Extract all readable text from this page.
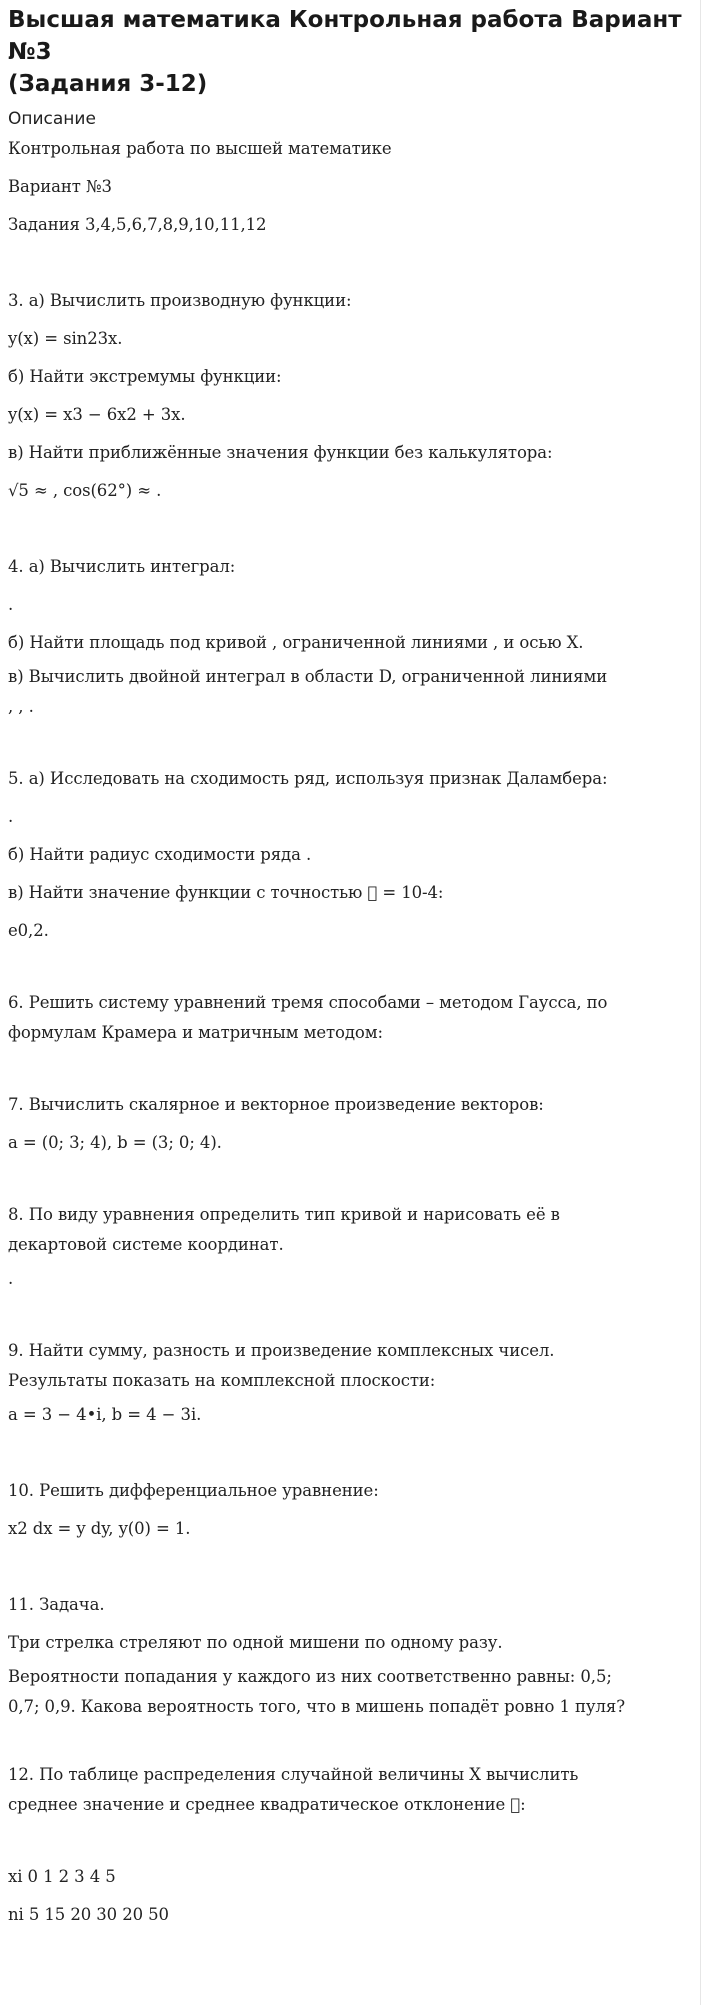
Высшая математика Контрольная работа Вариант №3
(Задания 3-12)
Описание
Контрольная работа по высшей математике
Вариант №3
Задания 3,4,5,6,7,8,9,10,11,12
3. а) Вычислить производную функции:
y(x) = sin23x.
б) Найти экстремумы функции:
y(x) = x3 − 6x2 + 3x.
в) Найти приближённые значения функции без калькулятора:
√5 ≈ , cos(62°) ≈ .
4. а) Вычислить интеграл:
.
б) Найти площадь под кривой , ограниченной линиями , и осью X.
в) Вычислить двойной интеграл в области D, ограниченной линиями
, , .
5. а) Исследовать на сходимость ряд, используя признак Даламбера:
.
б) Найти радиус сходимости ряда .
в) Найти значение функции с точностью   = 10-4:
e0,2.
6. Решить систему уравнений тремя способами – методом Гаусса, по
формулам Крамера и матричным методом:
7. Вычислить скалярное и векторное произведение векторов:
a = (0; 3; 4), b = (3; 0; 4).
8. По виду уравнения определить тип кривой и нарисовать её в
декартовой системе координат.
.
9. Найти сумму, разность и произведение комплексных чисел.
Результаты показать на комплексной плоскости:
a = 3 − 4•i, b = 4 − 3i.
10. Решить дифференциальное уравнение:
x2 dx = y dy, y(0) = 1.
11. Задача.
Три стрелка стреляют по одной мишени по одному разу.
Вероятности попадания у каждого из них соответственно равны: 0,5;
0,7; 0,9. Какова вероятность того, что в мишень попадёт ровно 1 пуля?
12. По таблице распределения случайной величины X вычислить
среднее значение и среднее квадратическое отклонение  :
xi 0 1 2 3 4 5
ni 5 15 20 30 20 50
